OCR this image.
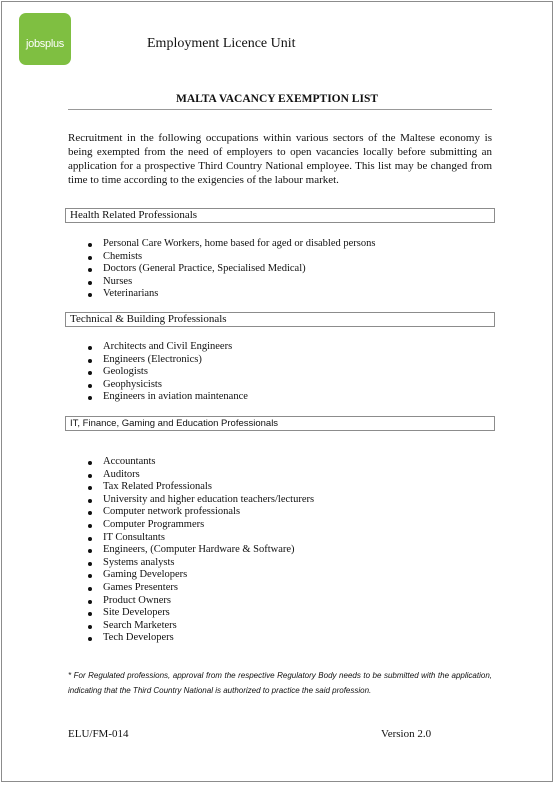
jobsplus	Employment Licence Unit
MALTA VACANCY EXEMPTION LIST
Recruitment in the following occupations within various sectors of the Maltese economy is being exempted from the need of employers to open vacancies locally before submitting an application for a prospective Third Country National employee. This list may be changed from time to time according to the exigencies of the labour market.
Health Related Professionals
Personal Care Workers, home based for aged or disabled persons
Chemists
Doctors (General Practice, Specialised Medical)
Nurses
Veterinarians
Technical & Building Professionals
Architects and Civil Engineers
Engineers (Electronics)
Geologists
Geophysicists
Engineers in aviation maintenance
IT, Finance, Gaming and Education Professionals
Accountants
Auditors
Tax Related Professionals
University and higher education teachers/lecturers
Computer network professionals
Computer Programmers
IT Consultants
Engineers, (Computer Hardware & Software)
Systems analysts
Gaming Developers
Games Presenters
Product Owners
Site Developers
Search Marketers
Tech Developers
* For Regulated professions, approval from the respective Regulatory Body needs to be submitted with the application, indicating that the Third Country National is authorized to practice the said profession.
ELU/FM-014	Version 2.0
